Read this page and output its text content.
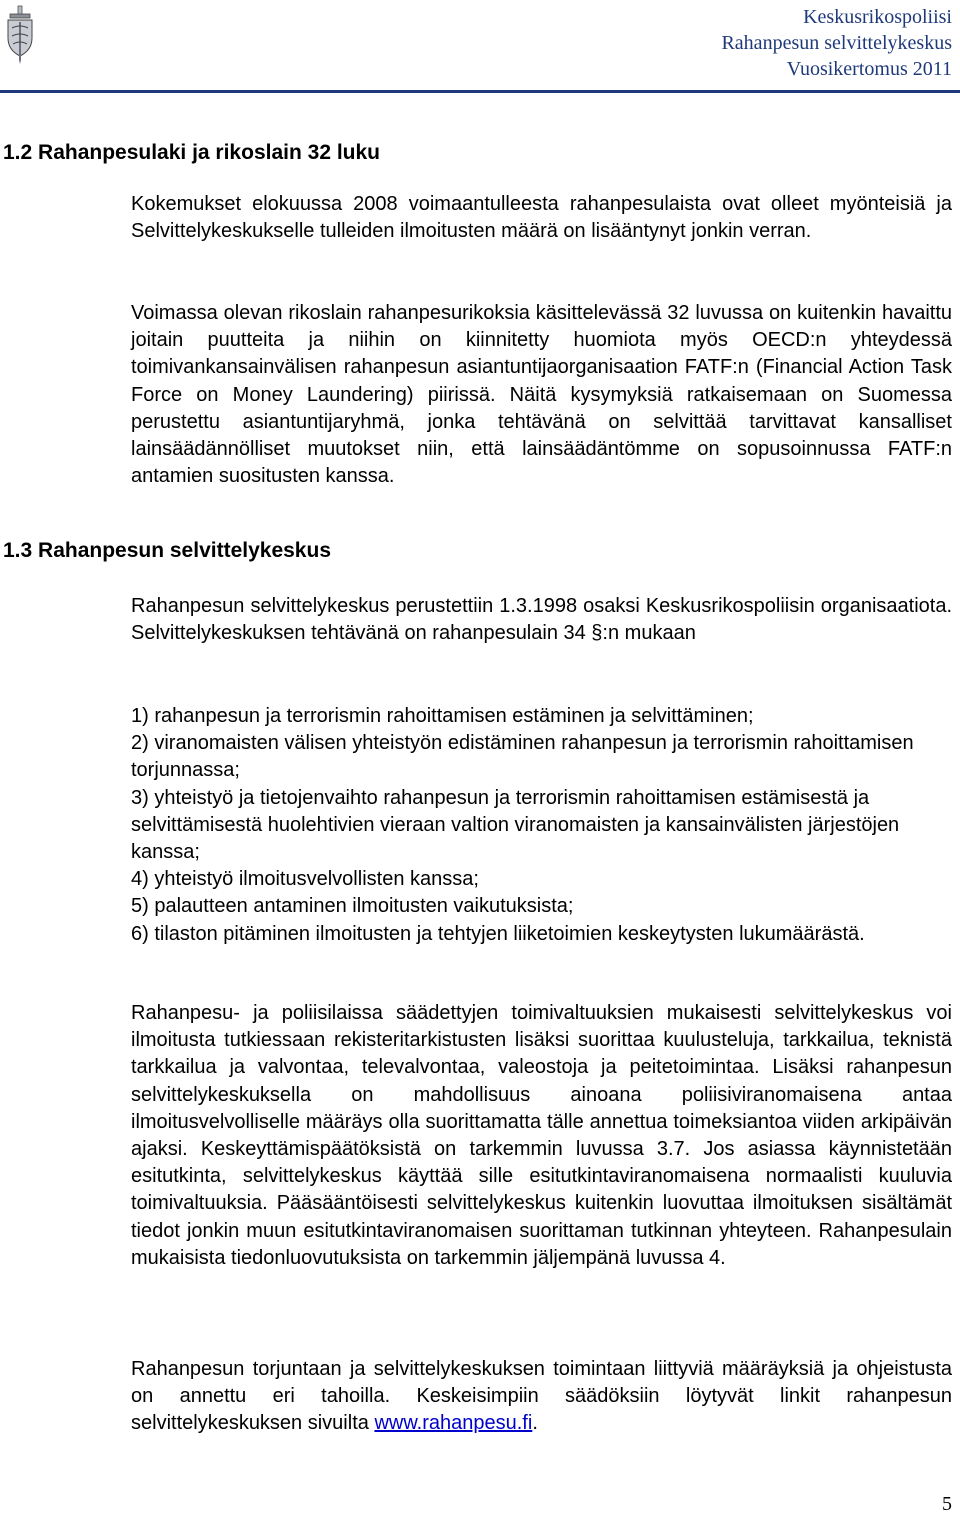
Keskusrikospoliisi
Rahanpesun selvittelykeskus
Vuosikertomus 2011
1.2 Rahanpesulaki ja rikoslain 32 luku

Kokemukset elokuussa 2008 voimaantulleesta rahanpesulaista ovat olleet myönteisiä ja Selvittelykeskukselle tulleiden ilmoitusten määrä on lisääntynyt jonkin verran.

Voimassa olevan rikoslain rahanpesurikoksia käsittelevässä 32 luvussa on kuitenkin havaittu joitain puutteita ja niihin on kiinnitetty huomiota myös OECD:n yhteydessä toimivankansainvälisen rahanpesun asiantuntijaorganisaation FATF:n (Financial Action Task Force on Money Laundering) piirissä. Näitä kysymyksiä ratkaisemaan on Suomessa perustettu asiantuntijaryhmä, jonka tehtävänä on selvittää tarvittavat kansalliset lainsäädännölliset muutokset niin, että lainsäädäntömme on sopusoinnussa FATF:n antamien suositusten kanssa.

1.3 Rahanpesun selvittelykeskus

Rahanpesun selvittelykeskus perustettiin 1.3.1998 osaksi Keskusrikospoliisin organisaatiota. Selvittelykeskuksen tehtävänä on rahanpesulain 34 §:n mukaan

1) rahanpesun ja terrorismin rahoittamisen estäminen ja selvittäminen;

2) viranomaisten välisen yhteistyön edistäminen rahanpesun ja terrorismin rahoittamisen torjunnassa;

3) yhteistyö ja tietojenvaihto rahanpesun ja terrorismin rahoittamisen estämisestä ja selvittämisestä huolehtivien vieraan valtion viranomaisten ja kansainvälisten järjestöjen kanssa;

4) yhteistyö ilmoitusvelvollisten kanssa;

5) palautteen antaminen ilmoitusten vaikutuksista;

6) tilaston pitäminen ilmoitusten ja tehtyjen liiketoimien keskeytysten lukumäärästä.

Rahanpesu- ja poliisilaissa säädettyjen toimivaltuuksien mukaisesti selvittelykeskus voi ilmoitusta tutkiessaan rekisteritarkistusten lisäksi suorittaa kuulusteluja, tarkkailua, teknistä tarkkailua ja valvontaa, televalvontaa, valeostoja ja peitetoimintaa. Lisäksi rahanpesun selvittelykeskuksella on mahdollisuus ainoana poliisiviranomaisena antaa ilmoitusvelvolliselle määräys olla suorittamatta tälle annettua toimeksiantoa viiden arkipäivän ajaksi. Keskeyttämispäätöksistä on tarkemmin luvussa 3.7. Jos asiassa käynnistetään esitutkinta, selvittelykeskus käyttää sille esitutkintaviranomaisena normaalisti kuuluvia toimivaltuuksia. Pääsääntöisesti selvittelykeskus kuitenkin luovuttaa ilmoituksen sisältämät tiedot jonkin muun esitutkintaviranomaisen suorittaman tutkinnan yhteyteen. Rahanpesulain mukaisista tiedonluovutuksista on tarkemmin jäljempänä luvussa 4.

Rahanpesun torjuntaan ja selvittelykeskuksen toimintaan liittyviä määräyksiä ja ohjeistusta on annettu eri tahoilla. Keskeisimpiin säädöksiin löytyvät linkit rahanpesun selvittelykeskuksen sivuilta www.rahanpesu.fi.

5
